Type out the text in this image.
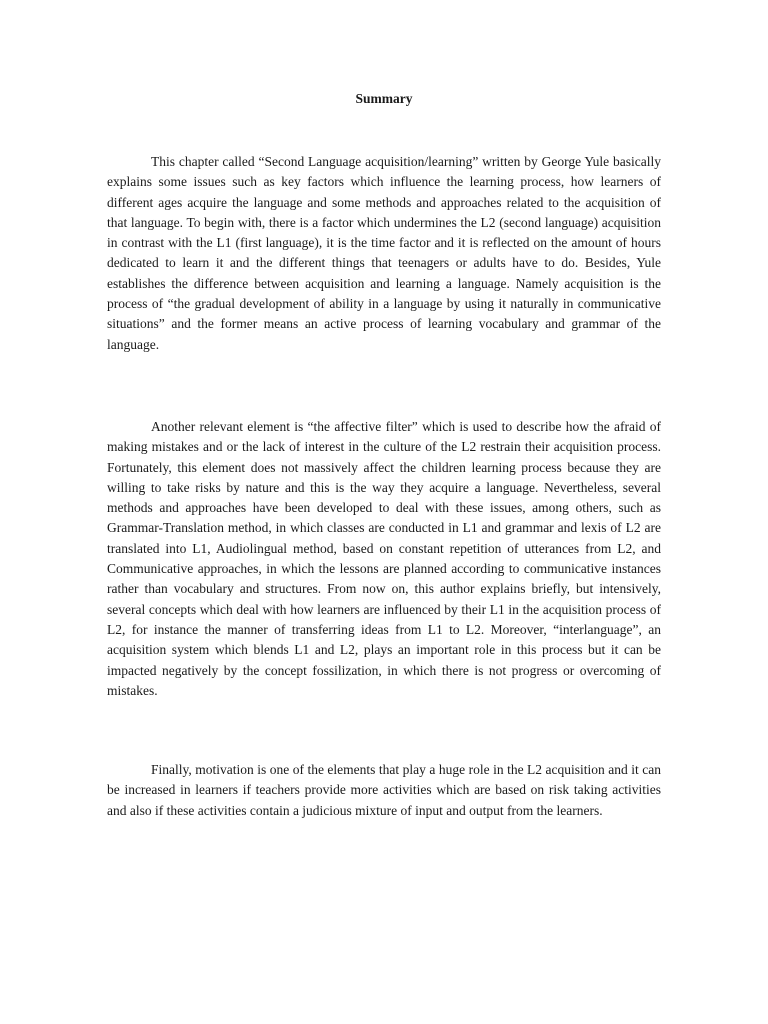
Summary

This chapter called “Second Language acquisition/learning” written by George Yule basically explains some issues such as key factors which influence the learning process, how learners of different ages acquire the language and some methods and approaches related to the acquisition of that language. To begin with, there is a factor which undermines the L2 (second language) acquisition in contrast with the L1 (first language), it is the time factor and it is reflected on the amount of hours dedicated to learn it and the different things that teenagers or adults have to do. Besides, Yule establishes the difference between acquisition and learning a language. Namely acquisition is the process of “the gradual development of ability in a language by using it naturally in communicative situations” and the former means an active process of learning vocabulary and grammar of the language.

Another relevant element is “the affective filter” which is used to describe how the afraid of making mistakes and or the lack of interest in the culture of the L2 restrain their acquisition process. Fortunately, this element does not massively affect the children learning process because they are willing to take risks by nature and this is the way they acquire a language. Nevertheless, several methods and approaches have been developed to deal with these issues, among others, such as Grammar-Translation method, in which classes are conducted in L1 and grammar and lexis of L2 are translated into L1, Audiolingual method, based on constant repetition of utterances from L2, and Communicative approaches, in which the lessons are planned according to communicative instances rather than vocabulary and structures. From now on, this author explains briefly, but intensively, several concepts which deal with how learners are influenced by their L1 in the acquisition process of L2, for instance the manner of transferring ideas from L1 to L2. Moreover, “interlanguage”, an acquisition system which blends L1 and L2, plays an important role in this process but it can be impacted negatively by the concept fossilization, in which there is not progress or overcoming of mistakes.

Finally, motivation is one of the elements that play a huge role in the L2 acquisition and it can be increased in learners if teachers provide more activities which are based on risk taking activities and also if these activities contain a judicious mixture of input and output from the learners.
